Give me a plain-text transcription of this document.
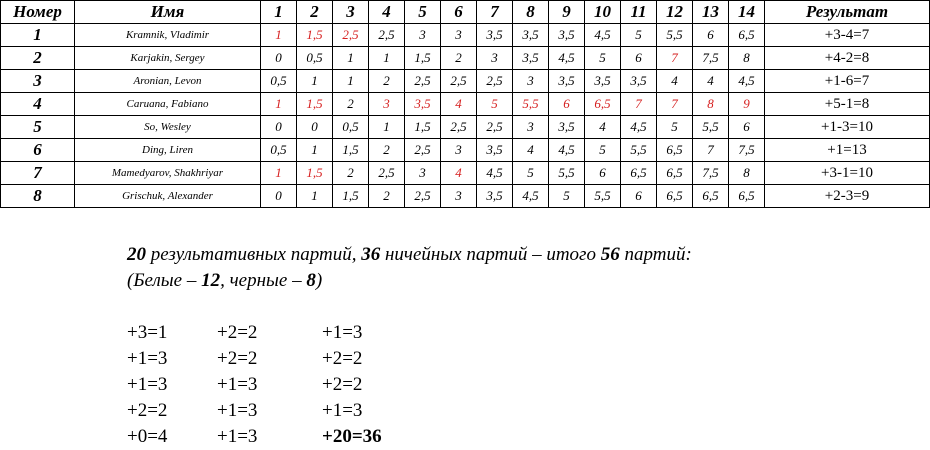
Номер	Имя	1	2	3	4	5	6	7	8	9	10	11	12	13	14	Результат
1	Kramnik, Vladimir	1	1,5	2,5	2,5	3	3	3,5	3,5	3,5	4,5	5	5,5	6	6,5	+3-4=7
2	Karjakin, Sergey	0	0,5	1	1	1,5	2	3	3,5	4,5	5	6	7	7,5	8	+4-2=8
3	Aronian, Levon	0,5	1	1	2	2,5	2,5	2,5	3	3,5	3,5	3,5	4	4	4,5	+1-6=7
4	Caruana, Fabiano	1	1,5	2	3	3,5	4	5	5,5	6	6,5	7	7	8	9	+5-1=8
5	So, Wesley	0	0	0,5	1	1,5	2,5	2,5	3	3,5	4	4,5	5	5,5	6	+1-3=10
6	Ding, Liren	0,5	1	1,5	2	2,5	3	3,5	4	4,5	5	5,5	6,5	7	7,5	+1=13
7	Mamedyarov, Shakhriyar	1	1,5	2	2,5	3	4	4,5	5	5,5	6	6,5	6,5	7,5	8	+3-1=10
8	Grischuk, Alexander	0	1	1,5	2	2,5	3	3,5	4,5	5	5,5	6	6,5	6,5	6,5	+2-3=9
20 результативных партий, 36 ничейных партий – итого 56 партий:
(Белые – 12, черные – 8)
+3=1	+2=2	+1=3
+1=3	+2=2	+2=2
+1=3	+1=3	+2=2
+2=2	+1=3	+1=3
+0=4	+1=3	+20=36
